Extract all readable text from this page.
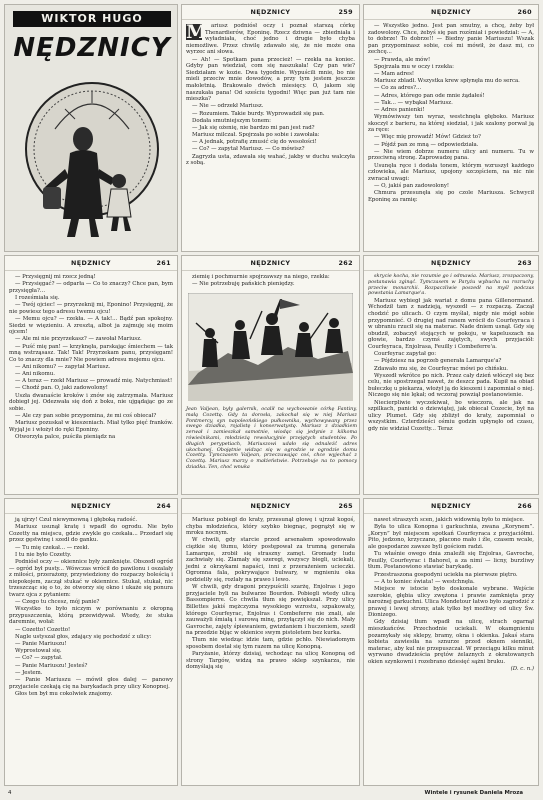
WIKTOR HUGO
NĘDZNICY
NĘDZNICY	259
M ariusz podniósł oczy i poznał starszą córkę Thenardierów, Eponinę. Rzecz dziwna — zbiedniała i wyładniała, choć jedno i drugie było chyba niemożliwe. Przez chwilę zdawało się, że nie może ona wyrzec ani słowa.

— Ah! — Spotkam pana przecież! — rzekła na koniec. Gdyby pan wiedział, com się naszukała! Czy pan wie? Siedziałam w kozie. Dwa tygodnie. Wypuścili mnie, bo nie mieli przeciw mnie dowodów, a przy tym jestem jeszcze małoletnią. Brakowało dwóch miesięcy. O, jakem się naszukała pana! Od sześciu tygodni! Więc pan już tam nie mieszka?

— Nie — odrzekł Mariusz.

— Rozumiem. Takie burdy. Wyprowadził się pan.

Dodała smutniejszym tonem:

— Jak się ożenię, nie bardzo mi pan jest rad?

Mariusz milczał. Spojrzała po sobie i zawołała:

— A jednak, potrafię zmusić cię do wesołości!

— Co? — zapytał Mariusz. — Co mówisz?

Zagryzła usta, zdawała się wahać, jakby w duchu walczyła z sobą.

NĘDZNICY	260

— Wszystko jedno. Jest pan smutny, a chcę, żeby był zadowolony. Chce, żebyś się pan rozśmiał i powiedział: — A, to dobrze! To dobrze!! — Biedny panie Mariuszu! Wszak pan przypominasz sobie, coś mi mówił, że dasz mi, co zechcę...

— Prawda, ale mów!

Spojrzała mu w oczy i rzekła:

— Mam adres!

Mariusz zbladł. Wszystka krew spłynęła mu do serca.

— Co za adres?...

— Adres, którego pan ode mnie żądałeś!

— Tak... — wybąkał Mariusz.

— Adres panienki!

Wymówiwszy ten wyraz, westchnęła głęboko. Mariusz skoczył z barieru, na której siedział, i jak szalony porwał ją za ręce:

— Więc mię prowadź! Mów! Gdzież to?

— Pójdź pan ze mną — odpowiedziała.

— Nie wiem dobrze numeru ulicy ani numeru. Tu w przeciwną stronę. Zaprowadzę pana.

Usunęła ręce i dodała tonem, którym wzruszył każdego człowieka, ale Mariusz, upojony szczęściem, na nic nie zwracał uwagi:

— O, jakiś pan zadowolony!

Chmura przesunęła się po czole Mariusza. Schwycił Eponinę za ramię:

NĘDZNICY	261

— Przysięgnij mi rzecz jedną!

— Przysięgać? — odparła — Co to znaczy? Chce pan, bym przysięgła?...

I roześmiała się.

— Twój ojciec! — przyrzeknij mi, Eponino! Przysięgnij, że nie powiesz tego adresu twemu ojcu!

— Memu ojcu? — rzekła. — A tak!... Bądź pan spokojny. Siedzi w więzieniu. A zresztą, albot ja zajmuję się moim ojcem!

— Ale mi nie przyrzekasz? — zawołał Mariusz.

— Puść mię pan! — krzyknęła, parskając śmiechem — tak mną wstrząsasz. Tak! Tak! Przyrzekam panu, przysięgam! Co to znaczy dla mnie? Nie powiem adresu mojemu ojcu.

— Ani nikomu? — zapytał Mariusz.

— Ani nikomu.

— A teraz — rzekł Mariusz — prowadź mię. Natychmiast!

— Chodź pan. O, jaki zadowolony!

Uszła dwanaście kroków i znów się zatrzymała. Mariusz dobiegł jej. Odezwała się doń z boku, nie ujgądając go ze sobie.

— Ale czy pan sobie przypomina, że mi coś obiecał?

Mariusz pozuskał w kieszeniach. Miał tylko pięć franków. Wyjął je i włożył do ręki Eponiny.

Otworzyła palce, puściła pieniądz na

NĘDZNICY	262

ziemię i pochmurnie spojrzawszy na niego, rzekła:

— Nie potrzebuję pańskich pieniędzy.

Jean Valjean, były galernik, ocalił na wychowanie córkę Fantiny, małą Cozettę. Gdy ta dorosła, zakochał się w niej Mariusz Pontmercy, syn napoleońskiego pułkownika, wychowywany przez swego dziadka, rojalistę i konserwatystę. Mariusz z dziadkiem zerwał i zamieszkał samotnie, wiodąc się jedynie z kilkoma rówieśnikami, młodzieżą rewolucyjnie przejętych studentów. Po długich perypetiach, Mariuszowi udało się odnaleźć adres ukochanej. Obojętnie widząc się w ogrodzie w ogrodzie domu Cozetty. Tymczasem Valjean, przeczuwając coś, chce wyjechać z Cozettą. Mariusz marzy o małżeństwie. Potrzebuje na to pomocy dziadka. Ten, choć wnuka
NĘDZNICY	263

skrycie kocha, nie rozumie go i odmawia. Mariusz, zrozpaczony, postanawia zginąć. Tymczasem w Paryżu wybucha na rozruchy przeciw monarchii. Rozpaczliwie poszedł na myśl podczas powstania Lamarque'a.

Mariusz wybiegł jak wariat z domu pana Gillenormand. Wchodził tam z nadzieją, wyszedł — z rozpaczą. Zaczął chodzić po ulicach. O czym myślał, nigdy nie mógł sobie przypomnieć. O drugiej nad ranem wrócił do Courfeyraca i w ubraniu rzucił się na materac. Nade dniem usnął. Gdy się obudził, zobaczył stojących w pokoju, w kapeluszach na głowie, bardzo czymś zajętych, swych przyjaciół: Courfeyraca, Enjolrasa, Feuilly i Combeferre'a.

Courfeyrac zapytał go:

— Pójdziesz na pogrzeb generała Lamarque'a?

Zdawało mu się, że Courfeyrac mówi po chińsku.

Wyszedł wkrótce po nich. Przez cały dzień włóczył się bez celu, nie spostrzegał nawet, że deszcz pada. Kupił na obiad bułeczkę u piekarza, włożył ją do kieszeni i zapomniał o niej. Niczego się nie lękał; od wczoraj powziął postanowienie.

Niecierpliwie wyczekiwał, bo wieczora, ale jak na szpilkach, panicki o dziewiątej, jak obiecał Cozecie, był na ulicy Plumet. Gdy się zbliżył do kraty, zapomniał o wszystkim. Czterdzieści ośmiu godzin upłynęło od czasu, gdy nie widział Cozetty... Teraz

NĘDZNICY	264

ją ujrzy! Czuł niewymowną i głęboką radość.

Mariusz usunął kratę i wpadł do ogrodu. Nie było Cozetty na miejscu, gdzie zwykle go czekała... Przedarł się przez gęstwinę i szedł do ganku.

— Tu mię czekał... — rzekł.

I tu nie było Cozetty.

Podniósł oczy — okiennice były zamknięte. Obszedł ogród — ogród był pusty... Wówczas wrócił do pawilonu i oszalały z miłości, przerażony, przywiedziony do rozpaczy boleścią i niepokojem, zaczął stukać w okiennice. Stukał, stukał, nic trzeszcząc się o to, że otworzy się okno i ukaże się ponura twarz ojca z pytaniem:

— Czego tu chcesz, mój panie?

Wszystko to było niczym w porównaniu z okropną przypuszczenia, którą przewidywał. Wtedy, że stuka daremnie, wołał:

— Cozetto! Cozetto!

Nagle ustyszał głos, zdający się pochodzić z ulicy:

— Panie Mariuszu!

Wyprostował się.

— Co? — zapytał.

— Panie Mariuszu! Jesteś?

— Jestem.

— Panie Mariuszu — mówił głos dalej — panowy przyjaciele czekają cię na barykadach przy ulicy Konopnej.

Głos ten był mu cokolwiek znajomy.

NĘDZNICY	265

Mariusz pobiegł do kraty, przesunął głowę i ujrzał kogoś, chyba młodzieńca, który szybko biegnąc, pogrążył się w mroku nocnym.

W chwili, gdy starcie przed arsenałem spowodowało ciężkie się tłumu, który postępował za trumną generała Lamarque, zrobił się straszny zamęt. Gromady ludu zachwiały się. Zlamały się szeregi, wszyscy biegli, uciekali, jedni z okrzykami napaści, inni z przerażeniem ucieczki. Ogromna fala, pokrywające bulwary, w mgnieniu oka podzieliły się, rozlały na prawo i lewo.

W chwili, gdy dragoni przypuścili szarżę, Enjolras i jego przyjaciele byli na bulwarze Bourdon. Pobiegli wtedy ulicą Bassompierre. Co chwila tłum się powiększał. Przy ulicy Billettes jakiś mężczyzna wysokiego wzrostu, szpakowaty, którego Courfeyrac, Enjolras i Combeferre nie znali, ale zauważyli śmiałą i surową minę, przyłączył się do nich. Mały Gavroche, zajęty śpiewaniem, gwizdaniem i huczeniem, szedł na przedzie bijąc w okienice swym pistoletem bez kurka.

Tłum nie wiedząc idzie tam, gdzie pchło. Niewiadomym sposobem dostał się tym razem na ulicę Konopną.

Paryżanie, którzy dzisiaj, wchodząc na ulicę Konopną od strony Targów, widzą na prawo sklep szynkarza, nie domyślają się

NĘDZNICY	266

nawet straszych scen, jakich widownią było to miejsce.

Była to ulica Konopna i garkuchnia, zwana „Korynem”. „Koryn” był miejscem spotkań Courfeyraca z przyjaciółmi. Pito, jedzono, krzyczano, płacono mało i źle, czasem wcale, ale gospodarze zawsze byli gościom radzi.

Tu właśnie owego dnia znaleźli się Enjolras, Gavroche, Feuilly, Courfeyrac i Bahorel, a za nimi — licny, burzliwy tłum. Postanowiono stawiać barykadę.

Przestraszona gospodyni uciekła na pierwsze piętro.

— A to koniec świata! — westchnęła.

Miejsce w istocie było doskonale wybrane. Wejście szerokie, głębia ulicy zwężona i prawie zamknięta przy narożnej garkuchni. Ulica Mondetour łatwo było zagrodzić z prawej i lewej strony, atak tylko był możliwy od ulicy Św. Dionizego.

Gdy dzisiaj tłum wpadł na ulicę, strach ogarnął mieszkańców. Przechodnie uciekali. W okamgnieniu pozamykały się sklepy, bramy, okna i okienka. Jakaś stara kobieta zawiesiła na sznurze przed oknem sienniki, materac, aby kul nie przepuszczał. W przeciągu kilku minut wyrwano dwadzieścia prętów żelaznych z okratowanych okien szynkowni i rozebrano dziesięć sążni bruku.

(D. c. n.)

4	Wintele i rysunek Daniela Mroza
